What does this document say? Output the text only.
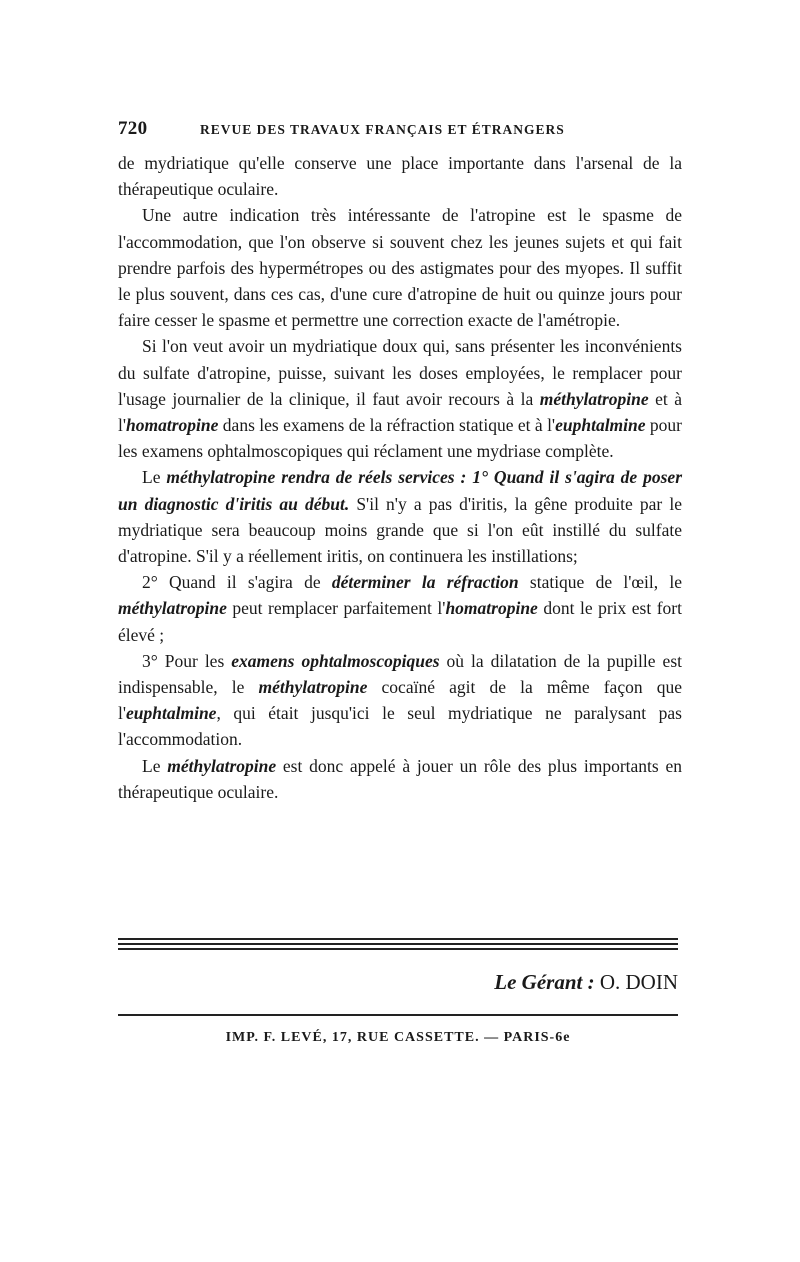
720	REVUE DES TRAVAUX FRANÇAIS ET ÉTRANGERS

de mydriatique qu'elle conserve une place importante dans l'arsenal de la thérapeutique oculaire.

Une autre indication très intéressante de l'atropine est le spasme de l'accommodation, que l'on observe si souvent chez les jeunes sujets et qui fait prendre parfois des hypermétropes ou des astigmates pour des myopes. Il suffit le plus souvent, dans ces cas, d'une cure d'atropine de huit ou quinze jours pour faire cesser le spasme et permettre une correction exacte de l'amétropie.

Si l'on veut avoir un mydriatique doux qui, sans présenter les inconvénients du sulfate d'atropine, puisse, suivant les doses employées, le remplacer pour l'usage journalier de la clinique, il faut avoir recours à la méthylatropine et à l'homatropine dans les examens de la réfraction statique et à l'euphtalmine pour les examens ophtalmoscopiques qui réclament une mydriase complète.

Le méthylatropine rendra de réels services : 1° Quand il s'agira de poser un diagnostic d'iritis au début. S'il n'y a pas d'iritis, la gêne produite par le mydriatique sera beaucoup moins grande que si l'on eût instillé du sulfate d'atropine. S'il y a réellement iritis, on continuera les instillations;

2° Quand il s'agira de déterminer la réfraction statique de l'œil, le méthylatropine peut remplacer parfaitement l'homatropine dont le prix est fort élevé ;

3° Pour les examens ophtalmoscopiques où la dilatation de la pupille est indispensable, le méthylatropine cocaïné agit de la même façon que l'euphtalmine, qui était jusqu'ici le seul mydriatique ne paralysant pas l'accommodation.

Le méthylatropine est donc appelé à jouer un rôle des plus importants en thérapeutique oculaire.

Le Gérant : O. DOIN
IMP. F. LEVÉ, 17, RUE CASSETTE. — PARIS-6e
